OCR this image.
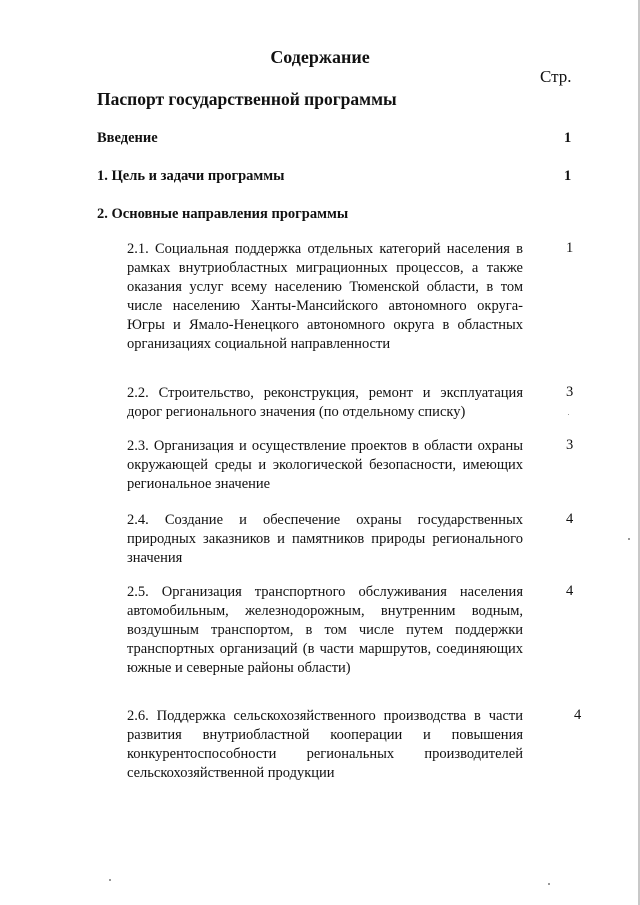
Содержание
Стр.
Паспорт государственной программы
Введение	1
1. Цель и задачи программы	1
2. Основные направления программы
2.1. Социальная поддержка отдельных категорий населения в рамках внутриобластных миграционных процессов, а также оказания услуг всему населению Тюменской области, в том числе населению Ханты-Мансийского автономного округа-Югры и Ямало-Ненецкого автономного округа в областных организациях социальной направленности
1
2.2. Строительство, реконструкция, ремонт и эксплуатация дорог регионального значения (по отдельному списку)
3
2.3. Организация и осуществление проектов в области охраны окружающей среды и экологической безопасности, имеющих региональное значение
3
2.4. Создание и обеспечение охраны государственных природных заказников и памятников природы регионального значения
4
2.5. Организация транспортного обслуживания населения автомобильным, железнодорожным, внутренним водным, воздушным транспортом, в том числе путем поддержки транспортных организаций (в части маршрутов, соединяющих южные и северные районы области)
4
2.6. Поддержка сельскохозяйственного производства в части развития внутриобластной кооперации и повышения конкурентоспособности региональных производителей сельскохозяйственной продукции
4
